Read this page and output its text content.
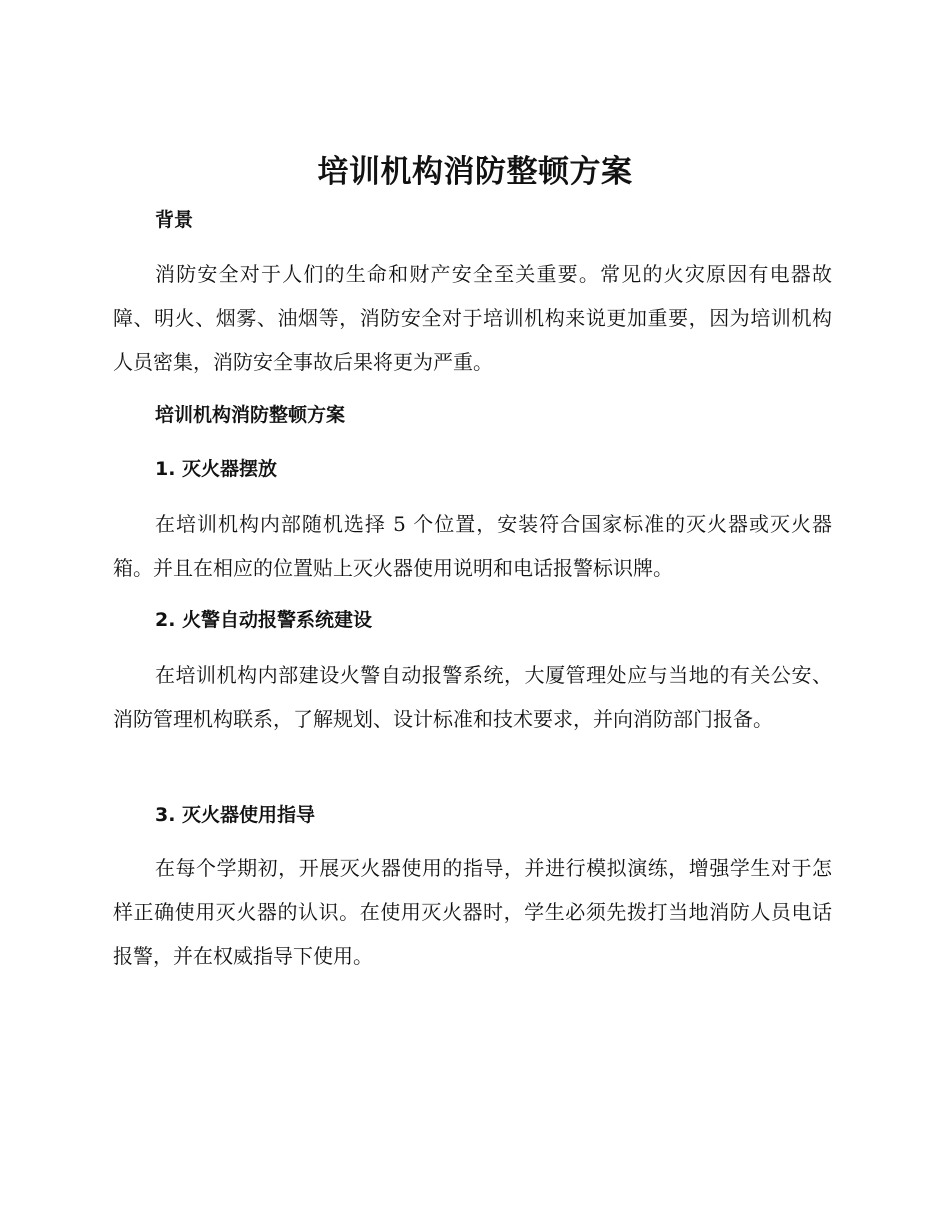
培训机构消防整顿方案
背景

消防安全对于人们的生命和财产安全至关重要。常见的火灾原因有电器故障、明火、烟雾、油烟等，消防安全对于培训机构来说更加重要，因为培训机构人员密集，消防安全事故后果将更为严重。

培训机构消防整顿方案
1. 灭火器摆放

在培训机构内部随机选择 5 个位置，安装符合国家标准的灭火器或灭火器箱。并且在相应的位置贴上灭火器使用说明和电话报警标识牌。

2. 火警自动报警系统建设

在培训机构内部建设火警自动报警系统，大厦管理处应与当地的有关公安、消防管理机构联系，了解规划、设计标准和技术要求，并向消防部门报备。

3. 灭火器使用指导

在每个学期初，开展灭火器使用的指导，并进行模拟演练，增强学生对于怎样正确使用灭火器的认识。在使用灭火器时，学生必须先拨打当地消防人员电话报警，并在权威指导下使用。
